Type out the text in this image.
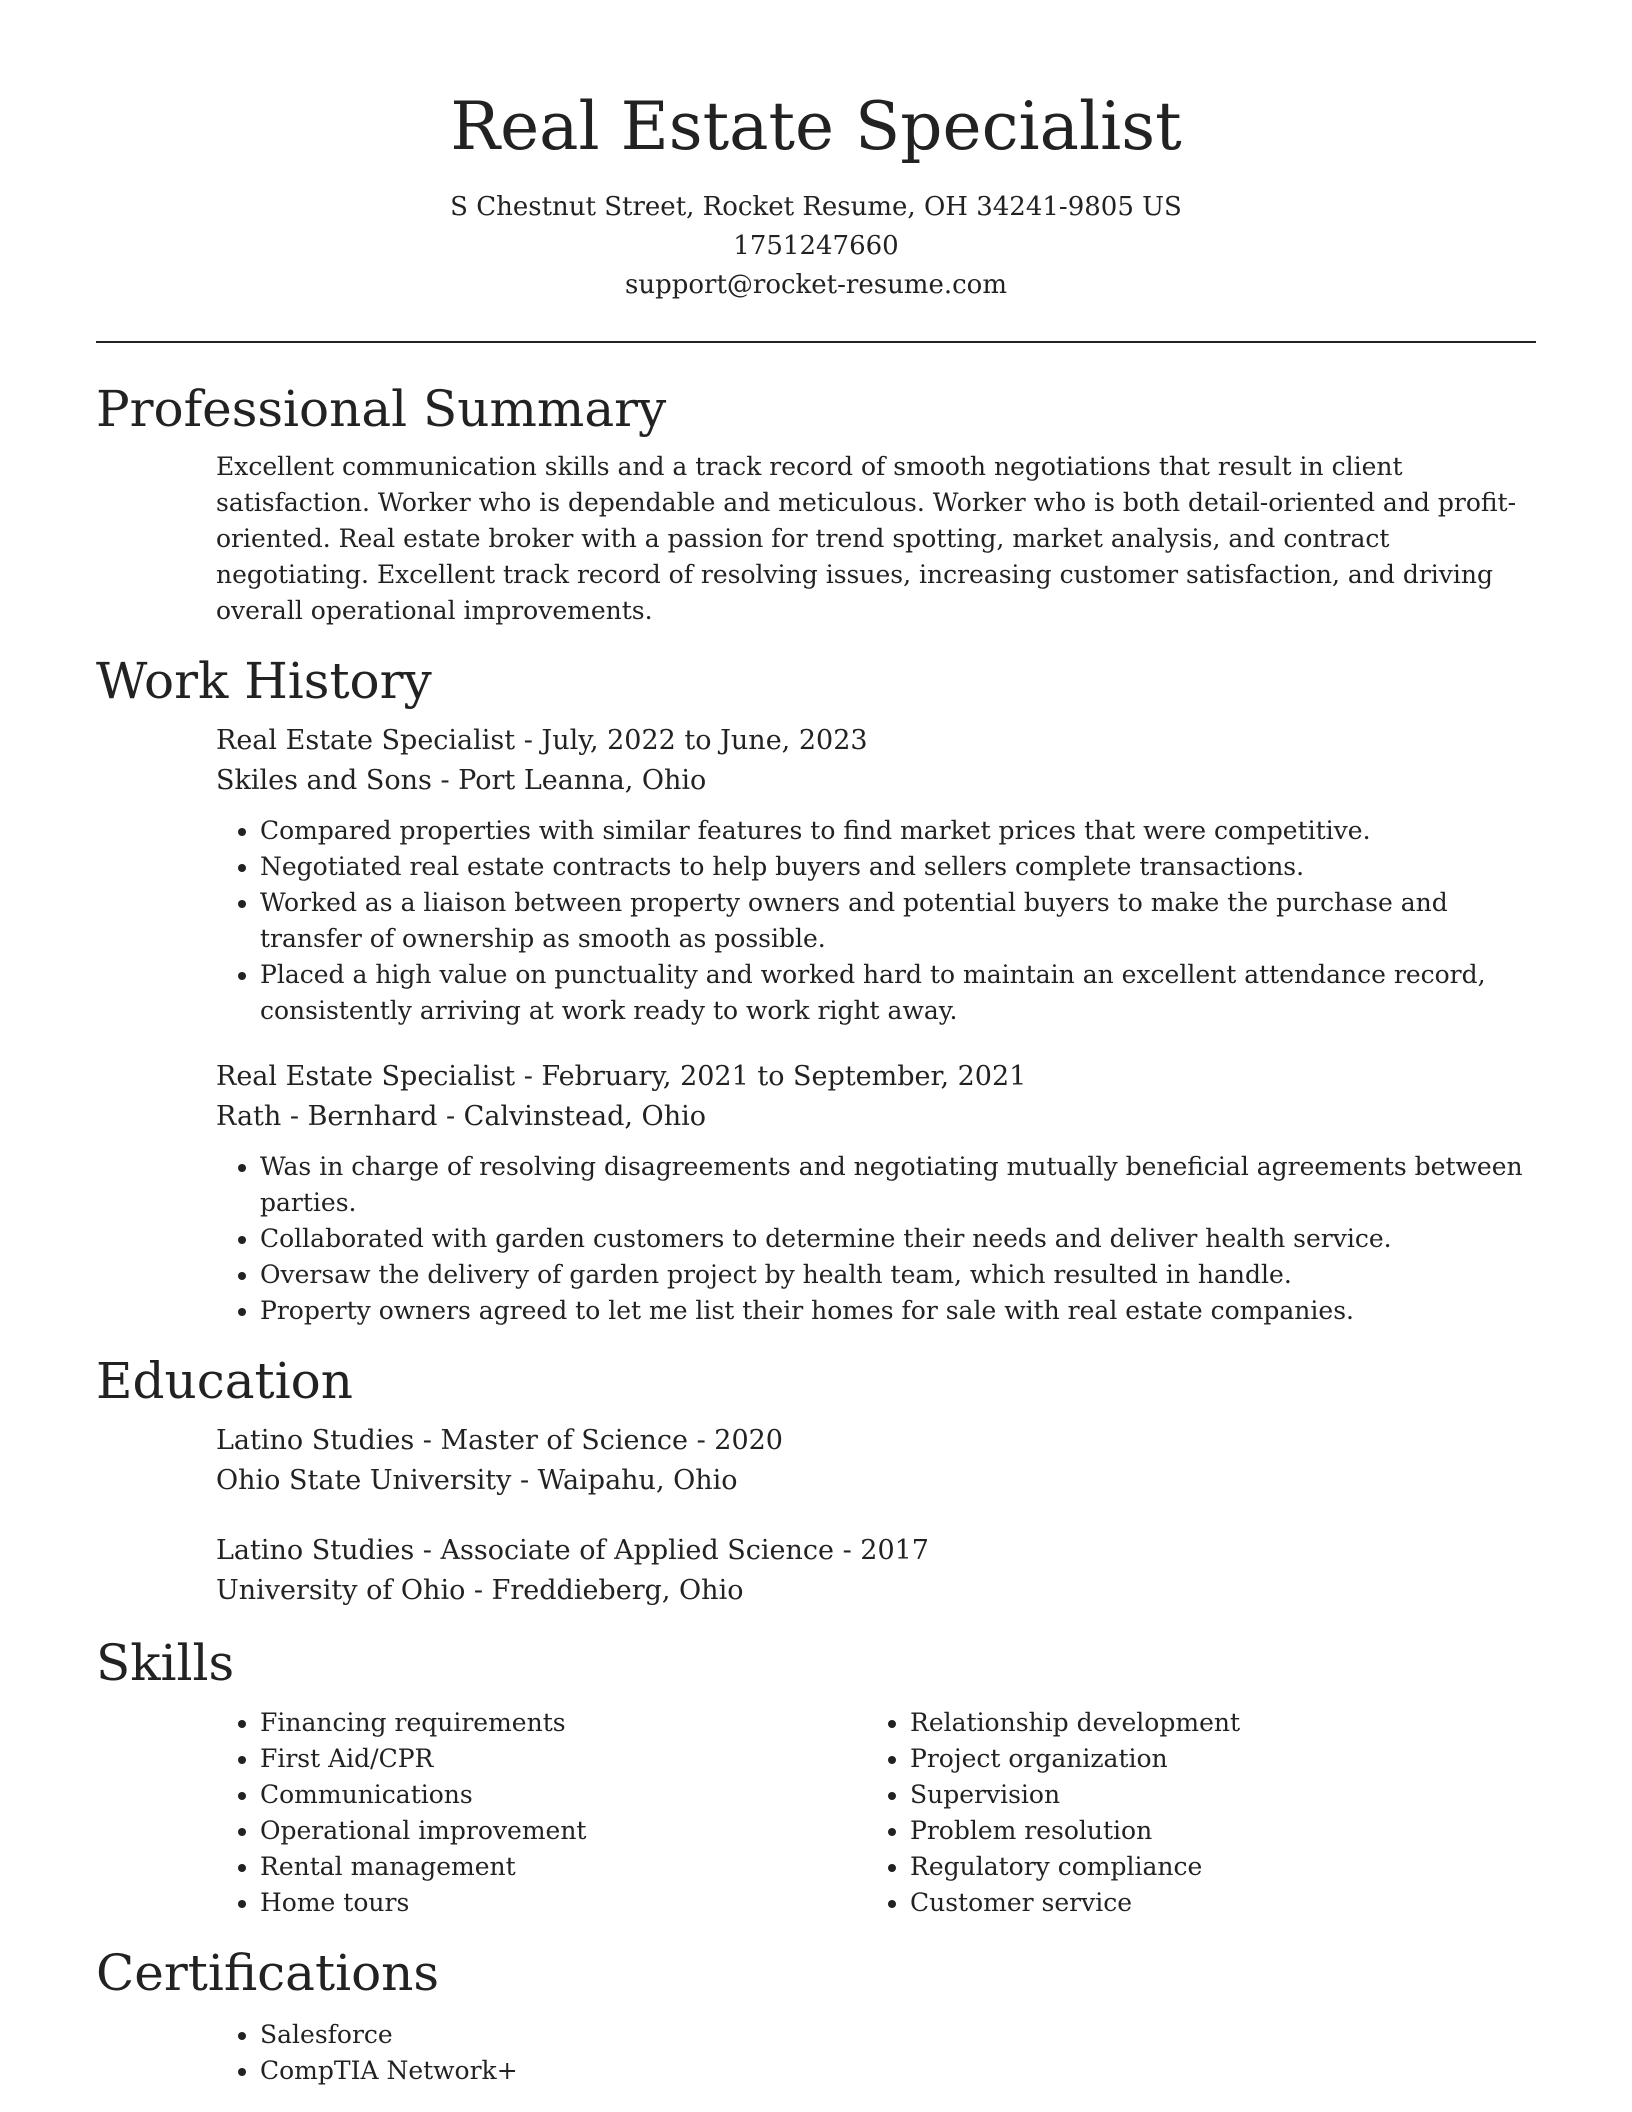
Real Estate Specialist
S Chestnut Street, Rocket Resume, OH 34241-9805 US
1751247660
support@rocket-resume.com
Professional Summary

Excellent communication skills and a track record of smooth negotiations that result in client satisfaction. Worker who is dependable and meticulous. Worker who is both detail-oriented and profit-oriented. Real estate broker with a passion for trend spotting, market analysis, and contract negotiating. Excellent track record of resolving issues, increasing customer satisfaction, and driving overall operational improvements.

Work History
Real Estate Specialist - July, 2022 to June, 2023
Skiles and Sons - Port Leanna, Ohio
• Compared properties with similar features to find market prices that were competitive.
• Negotiated real estate contracts to help buyers and sellers complete transactions.
• Worked as a liaison between property owners and potential buyers to make the purchase and transfer of ownership as smooth as possible.
• Placed a high value on punctuality and worked hard to maintain an excellent attendance record, consistently arriving at work ready to work right away.
Real Estate Specialist - February, 2021 to September, 2021
Rath - Bernhard - Calvinstead, Ohio
• Was in charge of resolving disagreements and negotiating mutually beneficial agreements between parties.
• Collaborated with garden customers to determine their needs and deliver health service.
• Oversaw the delivery of garden project by health team, which resulted in handle.
• Property owners agreed to let me list their homes for sale with real estate companies.
Education
Latino Studies - Master of Science - 2020
Ohio State University - Waipahu, Ohio
Latino Studies - Associate of Applied Science - 2017
University of Ohio - Freddieberg, Ohio
Skills
• Financing requirements
• First Aid/CPR
• Communications
• Operational improvement
• Rental management
• Home tours
• Relationship development
• Project organization
• Supervision
• Problem resolution
• Regulatory compliance
• Customer service
Certifications
• Salesforce
• CompTIA Network+
